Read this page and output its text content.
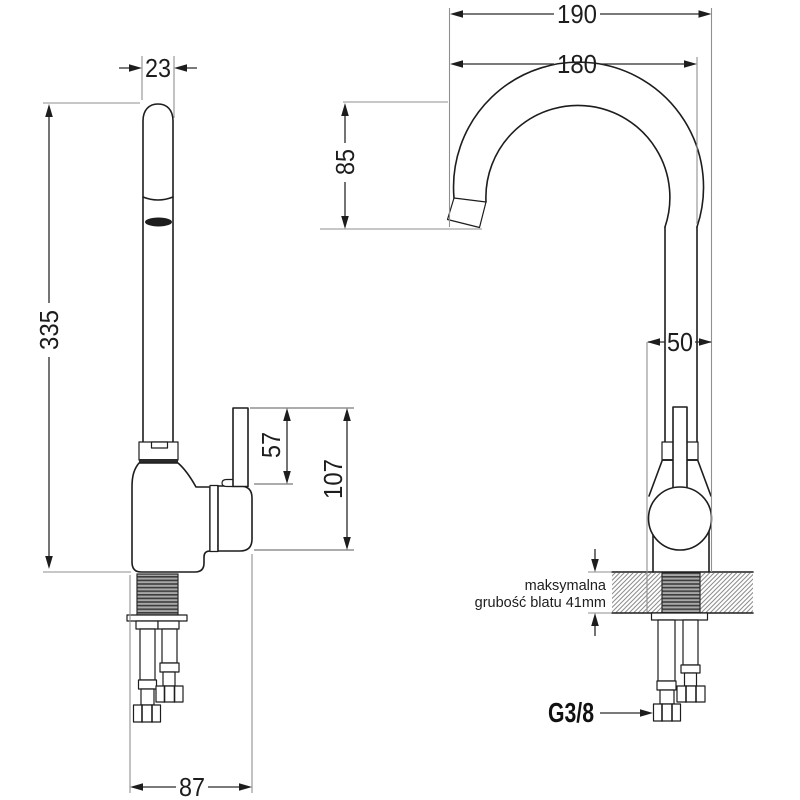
23
335
57
107
87
190
180
85
50
G3/8
maksymalna
grubość blatu 41mm
